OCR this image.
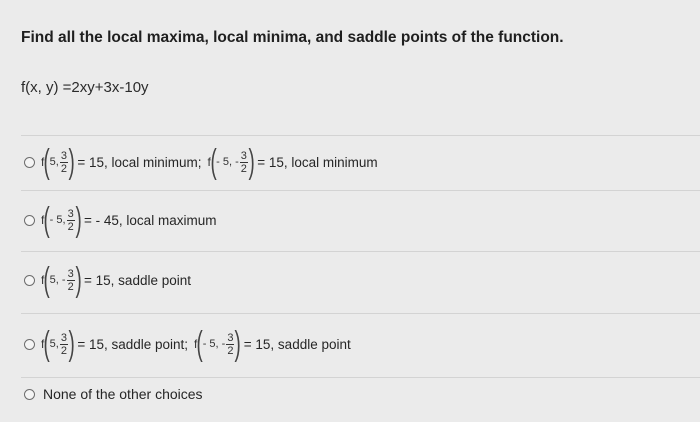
Find all the local maxima, local minima, and saddle points of the function.
f(x, y) =2xy+3x-10y
f ( 5, $\frac{3}{2}$ ) = 15, local minimum; f ( - 5, - $\frac{3}{2}$ ) = 15, local minimum
f ( - 5, $\frac{3}{2}$ ) = - 45, local maximum
f ( 5, - $\frac{3}{2}$ ) = 15, saddle point
f ( 5, $\frac{3}{2}$ ) = 15, saddle point; f ( - 5, - $\frac{3}{2}$ ) = 15, saddle point
None of the other choices
